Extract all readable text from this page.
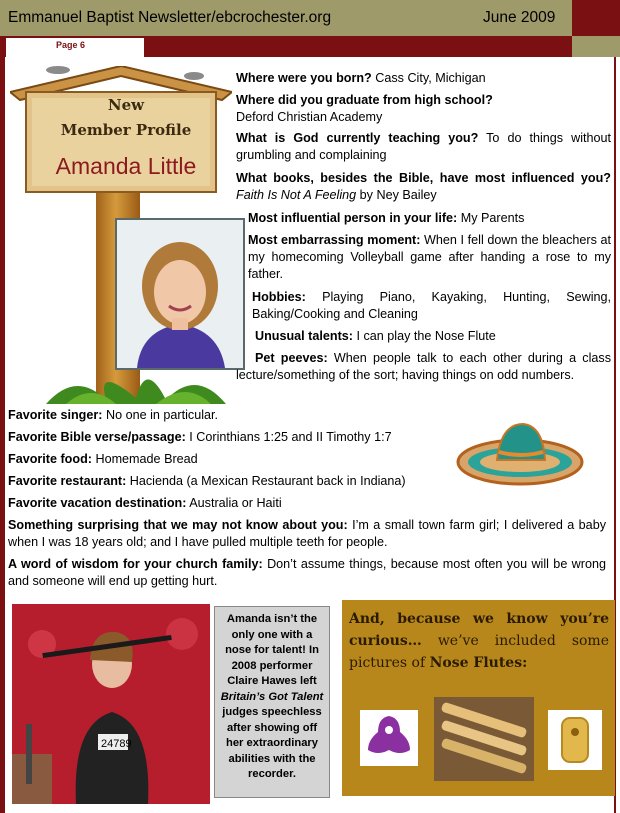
Emmanuel Baptist Newsletter/ebcrochester.org	June 2009
Page 6
New
Member Profile
Amanda Little
Where were you born? Cass City, Michigan
Where did you graduate from high school?
Deford Christian Academy
What is God currently teaching you? To do things without grumbling and complaining
What books, besides the Bible, have most influenced you? Faith Is Not A Feeling by Ney Bailey
Most influential person in your life: My Parents
Most embarrassing moment: When I fell down the bleachers at my homecoming Volleyball game after handing a rose to my father.
Hobbies: Playing Piano, Kayaking, Hunting, Sewing, Baking/Cooking and Cleaning
Unusual talents: I can play the Nose Flute
Pet peeves: When people talk to each other during a class lecture/something of the sort; having things on odd numbers.
Favorite singer: No one in particular.
Favorite Bible verse/passage: I Corinthians 1:25 and II Timothy 1:7
Favorite food: Homemade Bread
Favorite restaurant: Hacienda (a Mexican Restaurant back in Indiana)
Favorite vacation destination: Australia or Haiti
Something surprising that we may not know about you: I’m a small town farm girl; I delivered a baby when I was 18 years old; and I have pulled multiple teeth for people.
A word of wisdom for your church family: Don’t assume things, because most often you will be wrong and someone will end up getting hurt.
24789
Amanda isn’t the only one with a nose for talent! In 2008 performer Claire Hawes left Britain’s Got Talent judges speechless after showing off her extraordinary abilities with the recorder.
And, because we know you’re curious… we’ve included some pictures of Nose Flutes:
